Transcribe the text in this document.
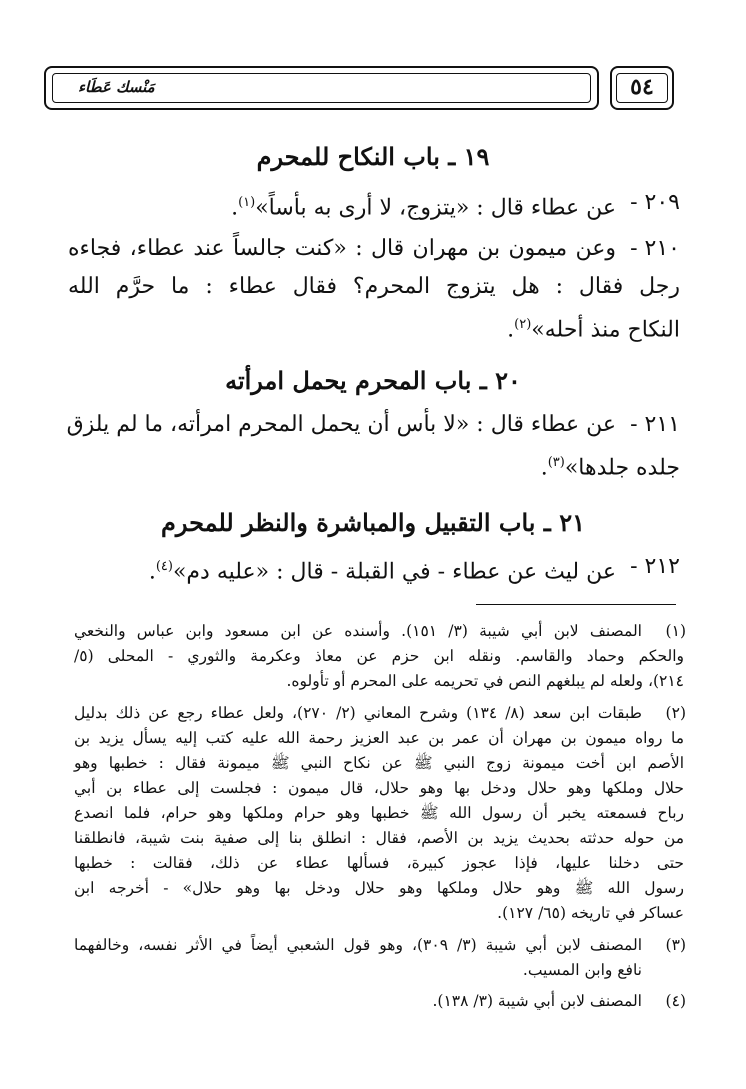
مَنْسك عَطَاء	٥٤
١٩ ـ باب النكاح للمحرم
٢٠٩ -
عن عطاء قال : «يتزوج، لا أرى به بأساً»$^{(١)}$.
٢١٠ -
وعن ميمون بن مهران قال : «كنت جالساً عند عطاء، فجاءه
رجل فقال : هل يتزوج المحرم؟ فقال عطاء : ما حرَّم الله
النكاح منذ أحله»$^{(٢)}$.
٢٠ ـ باب المحرم يحمل امرأته
٢١١ -
عن عطاء قال : «لا بأس أن يحمل المحرم امرأته، ما لم يلزق
جلده جلدها»$^{(٣)}$.
٢١ ـ باب التقبيل والمباشرة والنظر للمحرم
٢١٢ -
عن ليث عن عطاء - في القبلة - قال : «عليه دم»$^{(٤)}$.
(١)
المصنف لابن أبي شيبة (٣/ ١٥١). وأسنده عن ابن مسعود وابن عباس والنخعي
والحكم وحماد والقاسم. ونقله ابن حزم عن معاذ وعكرمة والثوري - المحلى (٥/
٢١٤)، ولعله لم يبلغهم النص في تحريمه على المحرم أو تأولوه.
(٢)
طبقات ابن سعد (٨/ ١٣٤) وشرح المعاني (٢/ ٢٧٠)، ولعل عطاء رجع عن ذلك بدليل
ما رواه ميمون بن مهران أن عمر بن عبد العزيز رحمة الله عليه كتب إليه يسأل يزيد بن
الأصم ابن أخت ميمونة زوج النبي ﷺ عن نكاح النبي ﷺ ميمونة فقال : خطبها وهو
حلال وملكها وهو حلال ودخل بها وهو حلال، قال ميمون : فجلست إلى عطاء بن أبي
رباح فسمعته يخبر أن رسول الله ﷺ خطبها وهو حرام وملكها وهو حرام، فلما انصدع
من حوله حدثته بحديث يزيد بن الأصم، فقال : انطلق بنا إلى صفية بنت شيبة، فانطلقنا
حتى دخلنا عليها، فإذا عجوز كبيرة، فسألها عطاء عن ذلك، فقالت : خطبها
رسول الله ﷺ وهو حلال وملكها وهو حلال ودخل بها وهو حلال» - أخرجه ابن
عساكر في تاريخه (٦٥/ ١٢٧).
(٣)
المصنف لابن أبي شيبة (٣/ ٣٠٩)، وهو قول الشعبي أيضاً في الأثر نفسه، وخالفهما
نافع وابن المسيب.
(٤)
المصنف لابن أبي شيبة (٣/ ١٣٨).
